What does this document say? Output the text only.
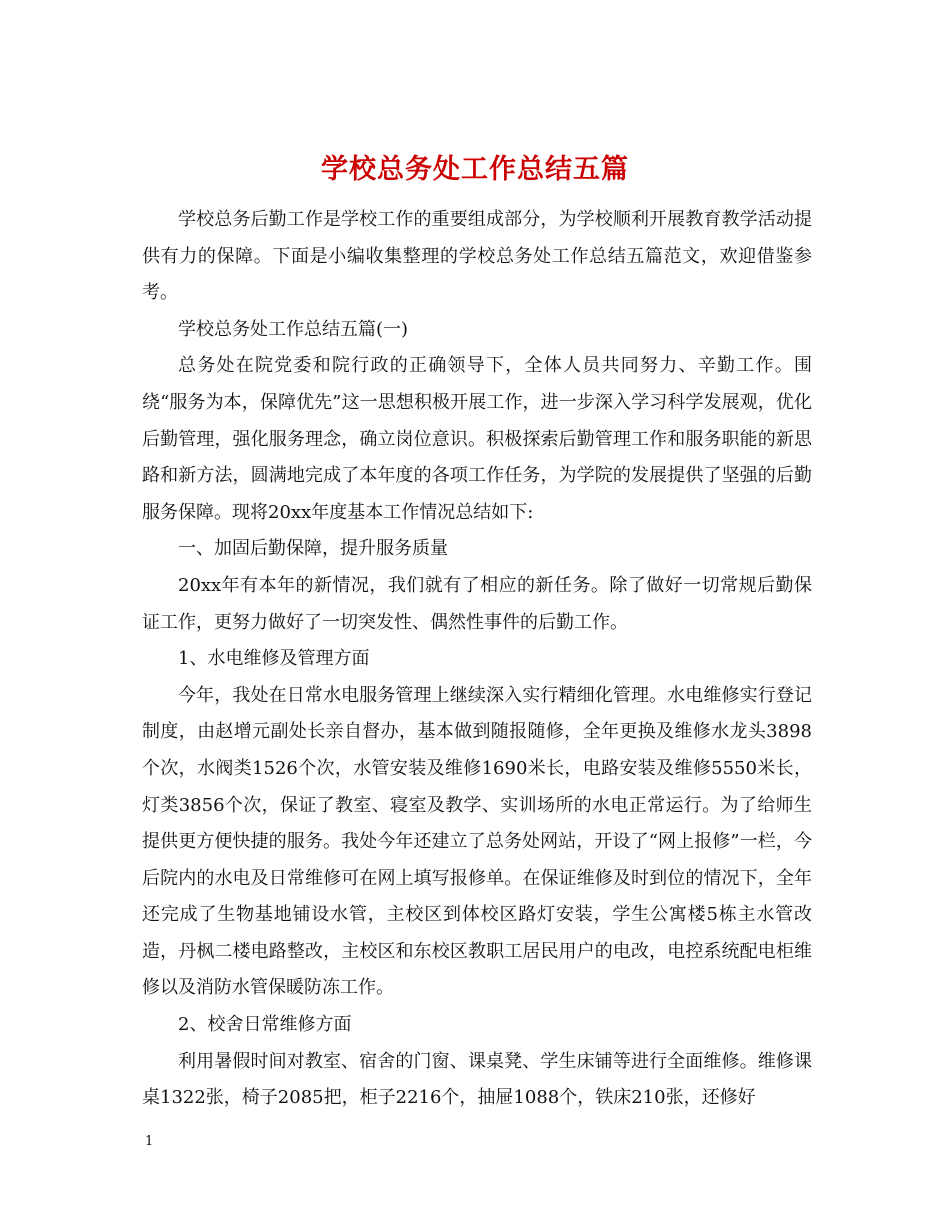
学校总务处工作总结五篇

学校总务后勤工作是学校工作的重要组成部分，为学校顺利开展教育教学活动提供有力的保障。下面是小编收集整理的学校总务处工作总结五篇范文，欢迎借鉴参考。

学校总务处工作总结五篇(一)

总务处在院党委和院行政的正确领导下，全体人员共同努力、辛勤工作。围绕“服务为本，保障优先”这一思想积极开展工作，进一步深入学习科学发展观，优化后勤管理，强化服务理念，确立岗位意识。积极探索后勤管理工作和服务职能的新思路和新方法，圆满地完成了本年度的各项工作任务，为学院的发展提供了坚强的后勤服务保障。现将20xx年度基本工作情况总结如下:

一、加固后勤保障，提升服务质量

20xx年有本年的新情况，我们就有了相应的新任务。除了做好一切常规后勤保证工作，更努力做好了一切突发性、偶然性事件的后勤工作。

1、水电维修及管理方面

今年，我处在日常水电服务管理上继续深入实行精细化管理。水电维修实行登记制度，由赵增元副处长亲自督办，基本做到随报随修，全年更换及维修水龙头3898个次，水阀类1526个次，水管安装及维修1690米长，电路安装及维修5550米长，灯类3856个次，保证了教室、寝室及教学、实训场所的水电正常运行。为了给师生提供更方便快捷的服务。我处今年还建立了总务处网站，开设了“网上报修”一栏，今后院内的水电及日常维修可在网上填写报修单。在保证维修及时到位的情况下，全年还完成了生物基地铺设水管，主校区到体校区路灯安装，学生公寓楼5栋主水管改造，丹枫二楼电路整改，主校区和东校区教职工居民用户的电改，电控系统配电柜维修以及消防水管保暖防冻工作。

2、校舍日常维修方面

利用暑假时间对教室、宿舍的门窗、课桌凳、学生床铺等进行全面维修。维修课桌1322张，椅子2085把，柜子2216个，抽屉1088个，铁床210张，还修好

1
